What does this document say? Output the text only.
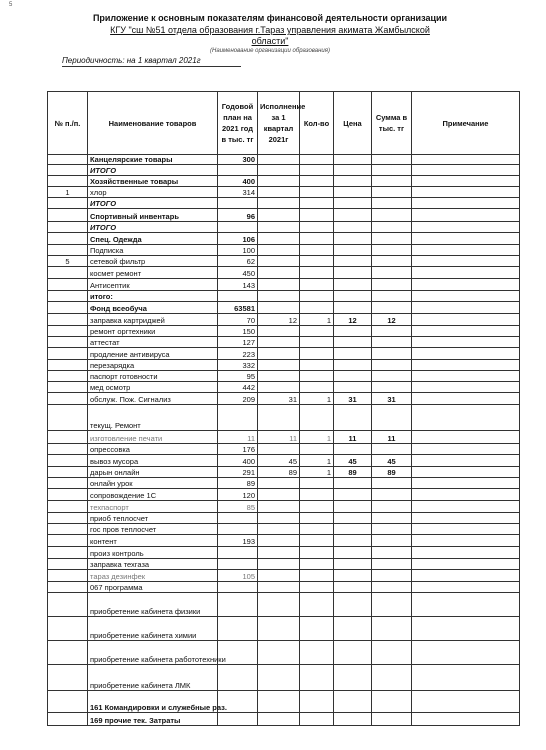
5
Приложение к основным показателям финансовой деятельности организации
КГУ "сш №51 отдела образования г.Тараз управления акимата Жамбылской
области"
(Наименование организации образования)
Периодичность: на 1 квартал 2021г
№ п./п.	Наименование товаров	Годовой план на 2021 год в тыс. тг	Исполнение за 1 квартал 2021г	Кол-во	Цена	Сумма в тыс. тг	Примечание
	Канцелярские товары	300					
	ИТОГО						
	Хозяйственные товары	400					
1	хлор	314					
	ИТОГО						
	Спортивный инвентарь	96					
	ИТОГО						
	Спец. Одежда	106					
	Подписка	100					
5	сетевой фильтр	62					
	космет ремонт	450					
	Антисептик	143					
	итого:						
	Фонд всеобуча	63581					
	заправка картриджей	70	12	1	12	12	
	ремонт оргтехники	150					
	аттестат	127					
	продление антивируса	223					
	перезарядка	332					
	паспорт готовности	95					
	мед осмотр	442					
	обслуж. Пож. Сигнализ	209	31	1	31	31	
	текущ. Ремонт						
	изготовление печати	11	11	1	11	11	
	опрессовка	176					
	вывоз мусора	400	45	1	45	45	
	дарын онлайн	291	89	1	89	89	
	онлайн урок	89					
	сопровождение 1С	120					
	техпаспорт	85					
	приоб теплосчет						
	гос пров теплосчет						
	контент	193					
	произ контроль						
	заправка техгаза						
	тараз дезинфек	105					
	067 программа						
	приобретение кабинета физики						
	приобретение кабинета химии						
	приобретение кабинета работотехники						
	приобретение кабинета ЛМК						
	161 Командировки и служебные раз.						
	169 прочие тек. Затраты						
